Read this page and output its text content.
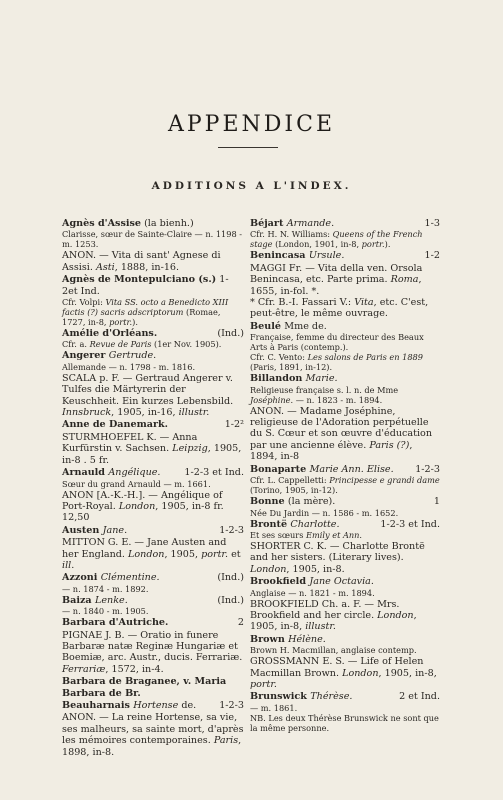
APPENDICE
ADDITIONS A L'INDEX.
Agnès d'Assise (la bienh.)
Clarisse, sœur de Sainte-Claire — n. 1198 - m. 1253.
ANON. — Vita di sant' Agnese di Assisi. Asti, 1888, in-16.
Agnès de Montepulciano (s.) 1-2et Ind.
Cfr. Volpi: Vita SS. octo a Benedicto XIII factis (?) sacris adscriptorum (Romae, 1727, in-8, portr.).
Amélie d'Orléans.	(Ind.)
Cfr. a. Revue de Paris (1er Nov. 1905).
Angerer Gertrude.
Allemande — n. 1798 - m. 1816.
SCALA p. F. — Gertraud Angerer v. Tulfes die Märtyrerin der Keuschheit. Ein kurzes Lebensbild. Innsbruck, 1905, in-16, illustr.
Anne de Danemark.	1-2²
STURMHOEFEL K. — Anna Kurfürstin v. Sachsen. Leipzig, 1905, in-8 . 5 fr.
Arnauld Angélique.	1-2-3 et Ind.
Sœur du grand Arnauld — m. 1661.
ANON [A.-K.-H.]. — Angélique of Port-Royal. London, 1905, in-8 fr. 12,50
Austen Jane.	1-2-3
MITTON G. E. — Jane Austen and her England. London, 1905, portr. et ill.
Azzoni Clémentine.	(Ind.)
— n. 1874 - m. 1892.
Baiza Lenke.	(Ind.)
— n. 1840 - m. 1905.
Barbara d'Autriche.	2
PIGNAE J. B. — Oratio in funere Barbaræ natæ Reginæ Hungariæ et Boemiæ, arc. Austr., ducis. Ferrariæ. Ferrariæ, 1572, in-4.
Barbara de Braganee, v. Maria Barbara de Br.
Beauharnais Hortense de.	1-2-3
ANON. — La reine Hortense, sa vie, ses malheurs, sa sainte mort, d'après les mémoires contemporaines. Paris, 1898, in-8.
Béjart Armande.	1-3
Cfr. H. N. Williams: Queens of the French stage (London, 1901, in-8, portr.).
Benincasa Ursule.	1-2
MAGGI Fr. — Vita della ven. Orsola Benincasa, etc. Parte prima. Roma, 1655, in-fol. *.
* Cfr. B.-I. Fassari V.: Vita, etc. C'est, peut-être, le même ouvrage.
Beulé Mme de.
Française, femme du directeur des Beaux Arts à Paris (contemp.).
Cfr. C. Vento: Les salons de Paris en 1889 (Paris, 1891, in-12).
Billandon Marie.
Religieuse française s. l. n. de Mme Joséphine. — n. 1823 - m. 1894.
ANON. — Madame Joséphine, religieuse de l'Adoration perpétuelle du S. Cœur et son œuvre d'éducation par une ancienne élève. Paris (?), 1894, in-8
Bonaparte Marie Ann. Elise.	1-2-3
Cfr. L. Cappelletti: Principesse e grandi dame (Torino, 1905, in-12).
Bonne (la mère).	1
Née Du Jardin — n. 1586 - m. 1652.
Brontë Charlotte.	1-2-3 et Ind.
Et ses sœurs Emily et Ann.
SHORTER C. K. — Charlotte Brontë and her sisters. (Literary lives). London, 1905, in-8.
Brookfield Jane Octavia.
Anglaise — n. 1821 - m. 1894.
BROOKFIELD Ch. a. F. — Mrs. Brookfield and her circle. London, 1905, in-8, illustr.
Brown Hélène.
Brown H. Macmillan, anglaise contemp.
GROSSMANN E. S. — Life of Helen Macmillan Brown. London, 1905, in-8, portr.
Brunswick Thérèse.	2 et Ind.
— m. 1861.
NB. Les deux Thérèse Brunswick ne sont que la même personne.
